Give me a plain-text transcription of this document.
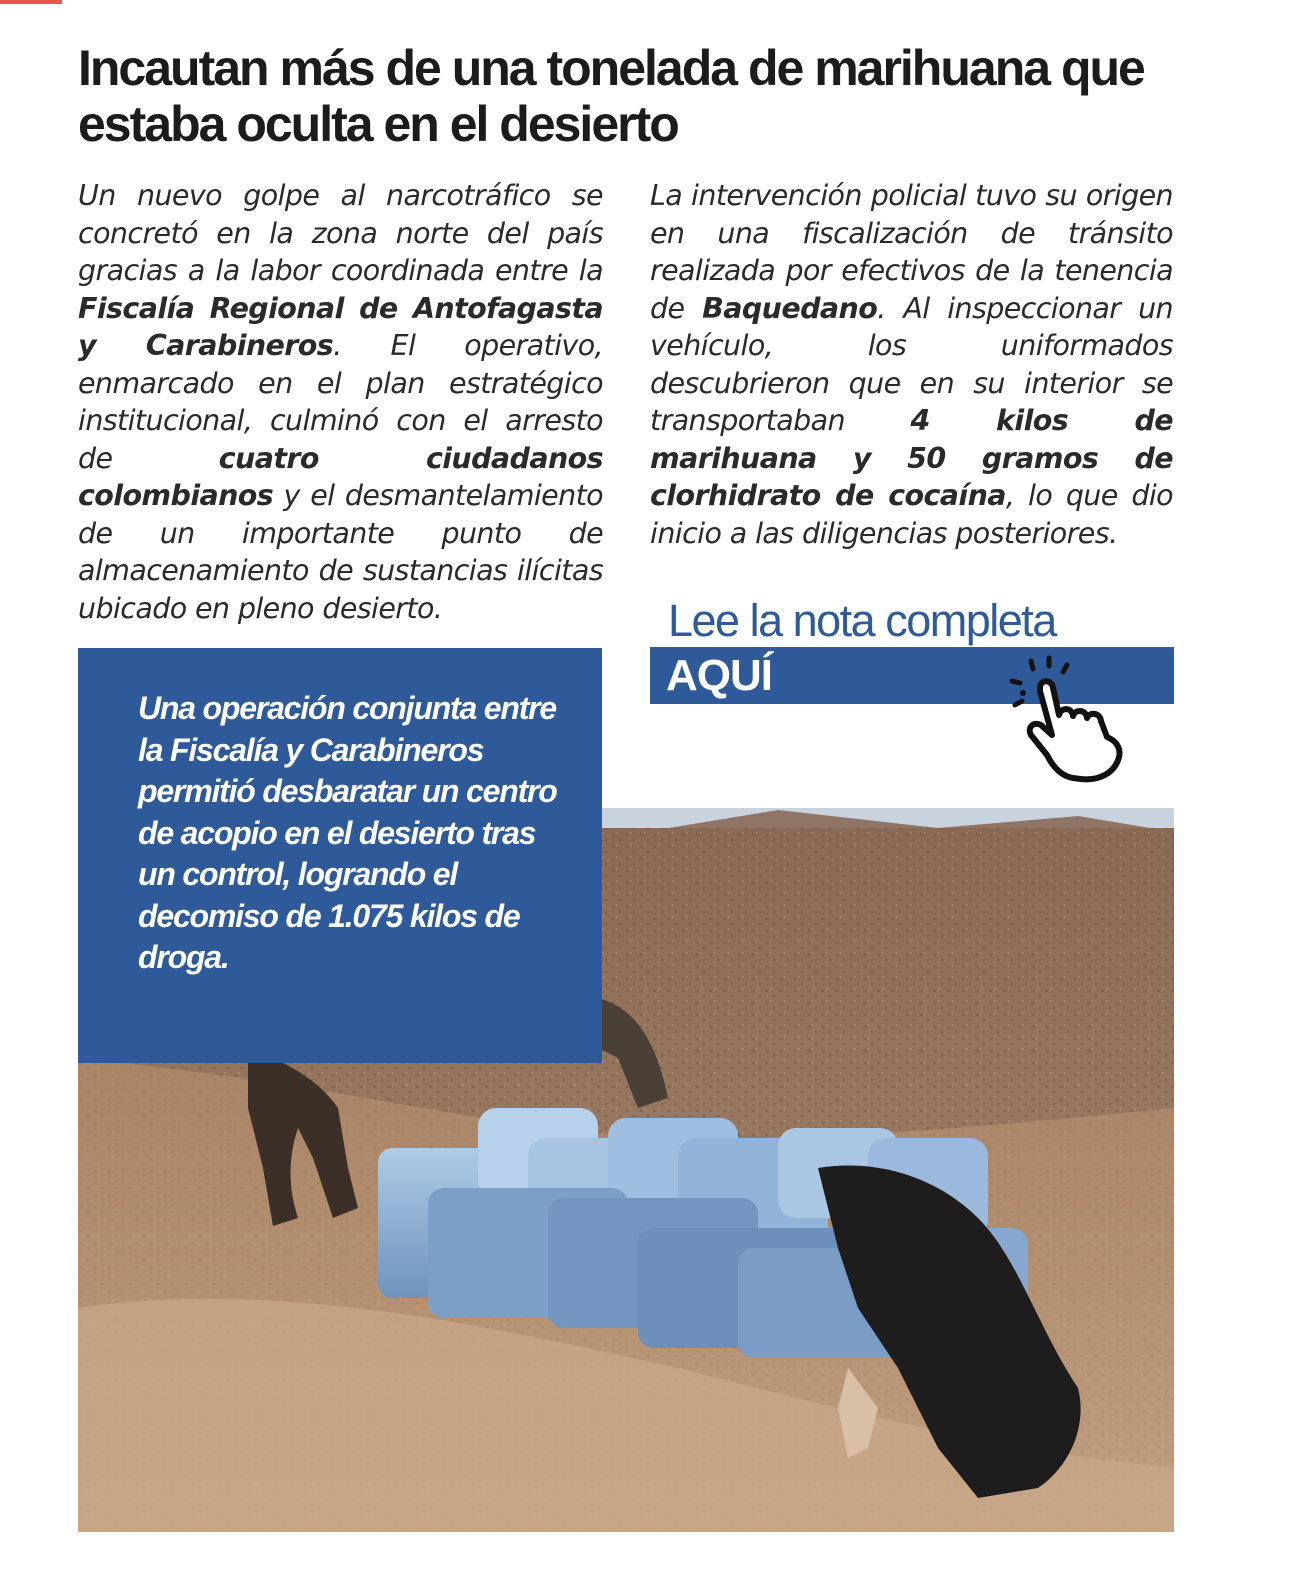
Incautan más de una tonelada de marihuana que estaba oculta en el desierto
Un nuevo golpe al narcotráfico se concretó en la zona norte del país gracias a la labor coordinada entre la Fiscalía Regional de Antofagasta y Carabineros. El operativo, enmarcado en el plan estratégico institucional, culminó con el arresto de cuatro ciudadanos colombianos y el desmantelamiento de un importante punto de almacenamiento de sustancias ilícitas ubicado en pleno desierto.
La intervención policial tuvo su origen en una fiscalización de tránsito realizada por efectivos de la tenencia de Baquedano. Al inspeccionar un vehículo, los uniformados descubrieron que en su interior se transportaban 4 kilos de marihuana y 50 gramos de clorhidrato de cocaína, lo que dio inicio a las diligencias posteriores.
Una operación conjunta entre la Fiscalía y Carabineros permitió desbaratar un centro de acopio en el desierto tras un control, logrando el decomiso de 1.075 kilos de droga.
Lee la nota completa
AQUÍ
